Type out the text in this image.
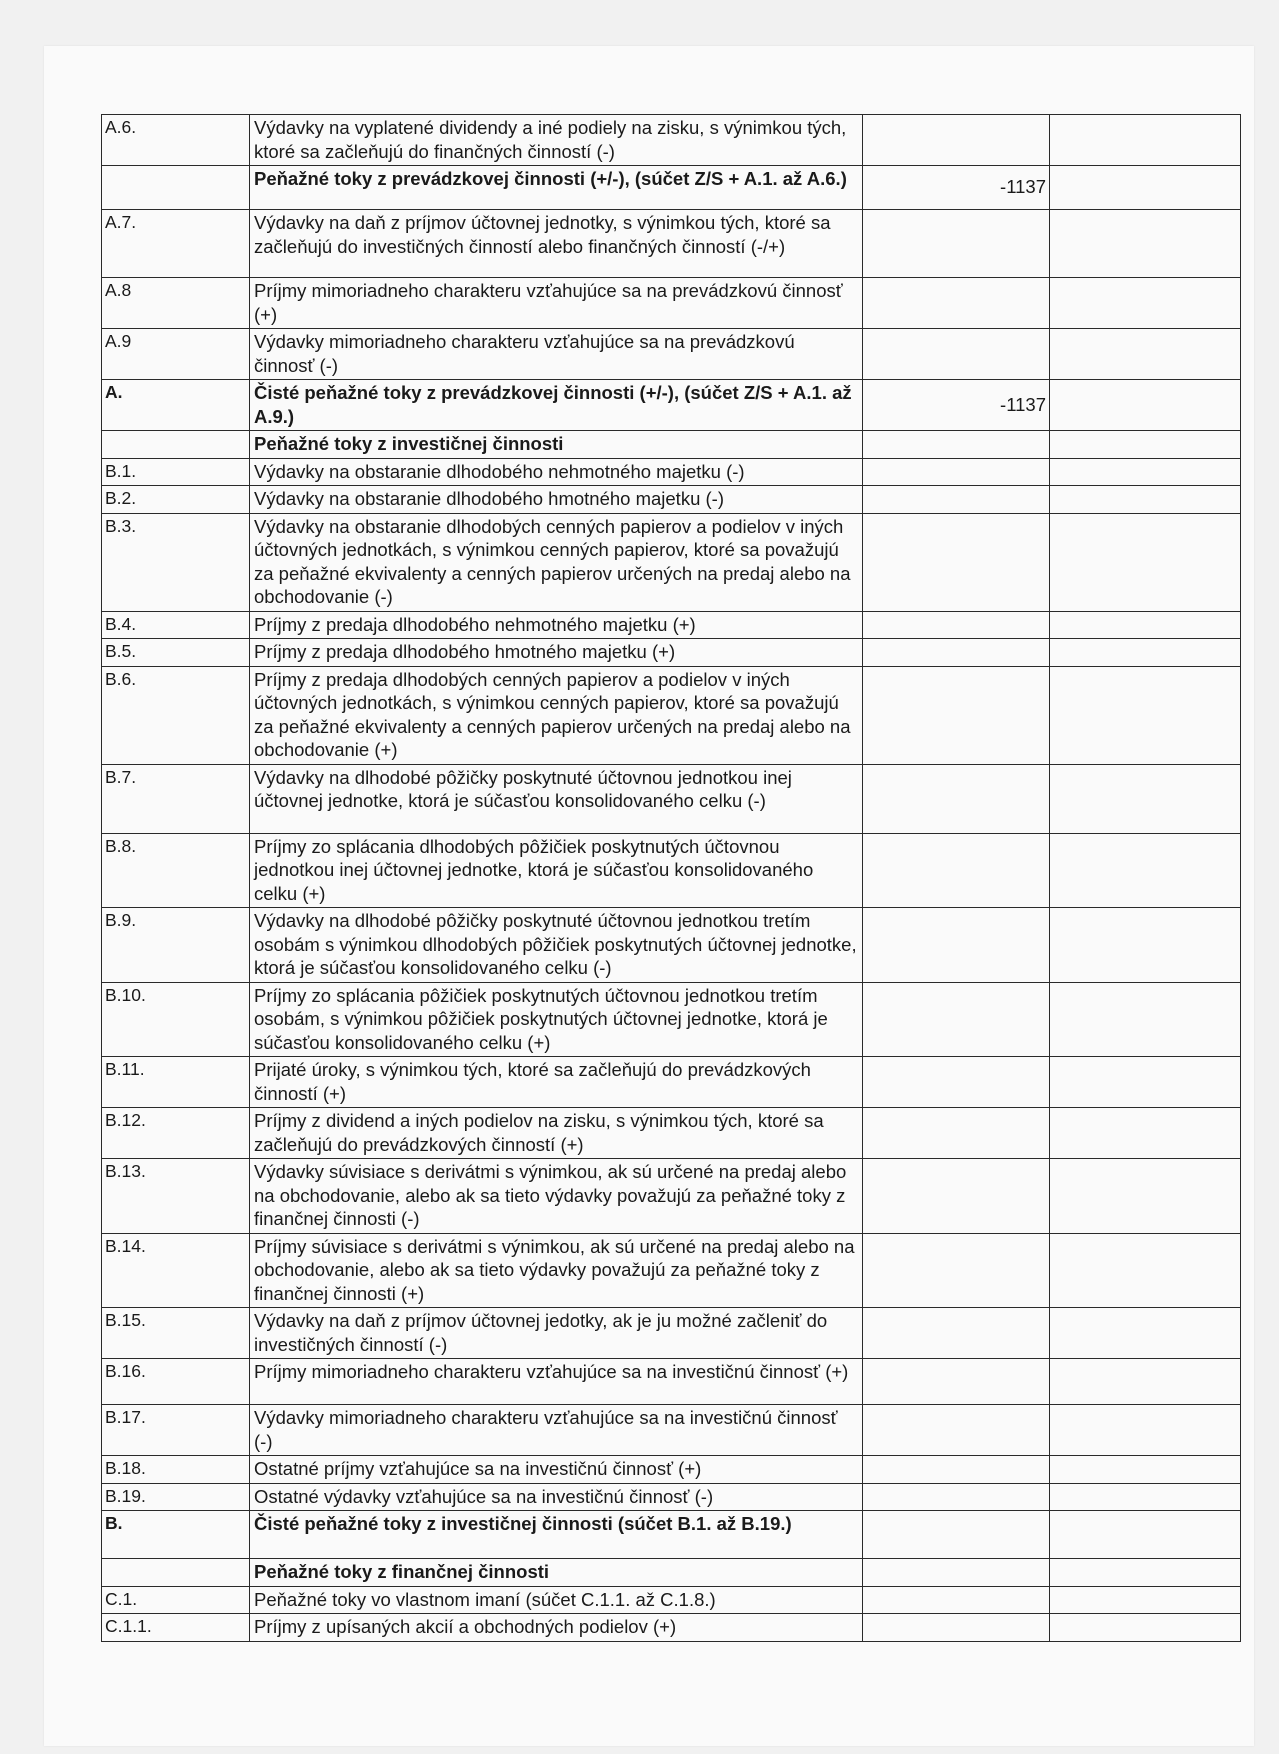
A.6.	Výdavky na vyplatené dividendy a iné podiely na zisku, s výnimkou tých, ktoré sa začleňujú do finančných činností (-)		
	Peňažné toky z prevádzkovej činnosti (+/-), (súčet Z/S + A.1. až A.6.)	-1137	
A.7.	Výdavky na daň z príjmov účtovnej jednotky, s výnimkou tých, ktoré sa začleňujú do investičných činností alebo finančných činností (-/+)		
A.8	Príjmy mimoriadneho charakteru vzťahujúce sa na prevádzkovú činnosť (+)		
A.9	Výdavky mimoriadneho charakteru vzťahujúce sa na prevádzkovú činnosť (-)		
A.	Čisté peňažné toky z prevádzkovej činnosti (+/-), (súčet Z/S + A.1. až A.9.)	-1137	
	Peňažné toky z investičnej činnosti		
B.1.	Výdavky na obstaranie dlhodobého nehmotného majetku (-)		
B.2.	Výdavky na obstaranie dlhodobého hmotného majetku (-)		
B.3.	Výdavky na obstaranie dlhodobých cenných papierov a podielov v iných účtovných jednotkách, s výnimkou cenných papierov, ktoré sa považujú za peňažné ekvivalenty a cenných papierov určených na predaj alebo na obchodovanie (-)		
B.4.	Príjmy z predaja dlhodobého nehmotného majetku (+)		
B.5.	Príjmy z predaja dlhodobého hmotného majetku (+)		
B.6.	Príjmy z predaja dlhodobých cenných papierov a podielov v iných účtovných jednotkách, s výnimkou cenných papierov, ktoré sa považujú za peňažné ekvivalenty a cenných papierov určených na predaj alebo na obchodovanie (+)		
B.7.	Výdavky na dlhodobé pôžičky poskytnuté účtovnou jednotkou inej účtovnej jednotke, ktorá je súčasťou konsolidovaného celku (-)		
B.8.	Príjmy zo splácania dlhodobých pôžičiek poskytnutých účtovnou jednotkou inej účtovnej jednotke, ktorá je súčasťou konsolidovaného celku (+)		
B.9.	Výdavky na dlhodobé pôžičky poskytnuté účtovnou jednotkou tretím osobám s výnimkou dlhodobých pôžičiek poskytnutých účtovnej jednotke, ktorá je súčasťou konsolidovaného celku (-)		
B.10.	Príjmy zo splácania pôžičiek poskytnutých účtovnou jednotkou tretím osobám, s výnimkou pôžičiek poskytnutých účtovnej jednotke, ktorá je súčasťou konsolidovaného celku (+)		
B.11.	Prijaté úroky, s výnimkou tých, ktoré sa začleňujú do prevádzkových činností (+)		
B.12.	Príjmy z dividend a iných podielov na zisku, s výnimkou tých, ktoré sa začleňujú do prevádzkových činností (+)		
B.13.	Výdavky súvisiace s derivátmi s výnimkou, ak sú určené na predaj alebo na obchodovanie, alebo ak sa tieto výdavky považujú za peňažné toky z finančnej činnosti (-)		
B.14.	Príjmy súvisiace s derivátmi s výnimkou, ak sú určené na predaj alebo na obchodovanie, alebo ak sa tieto výdavky považujú za peňažné toky z finančnej činnosti (+)		
B.15.	Výdavky na daň z príjmov účtovnej jedotky, ak je ju možné začleniť do investičných činností (-)		
B.16.	Príjmy mimoriadneho charakteru vzťahujúce sa na investičnú činnosť (+)		
B.17.	Výdavky mimoriadneho charakteru vzťahujúce sa na investičnú činnosť (-)		
B.18.	Ostatné príjmy vzťahujúce sa na investičnú činnosť (+)		
B.19.	Ostatné výdavky vzťahujúce sa na investičnú činnosť (-)		
B.	Čisté peňažné toky z investičnej činnosti (súčet B.1. až B.19.)		
	Peňažné toky z finančnej činnosti		
C.1.	Peňažné toky vo vlastnom imaní (súčet C.1.1. až C.1.8.)		
C.1.1.	Príjmy z upísaných akcií a obchodných podielov (+)		
